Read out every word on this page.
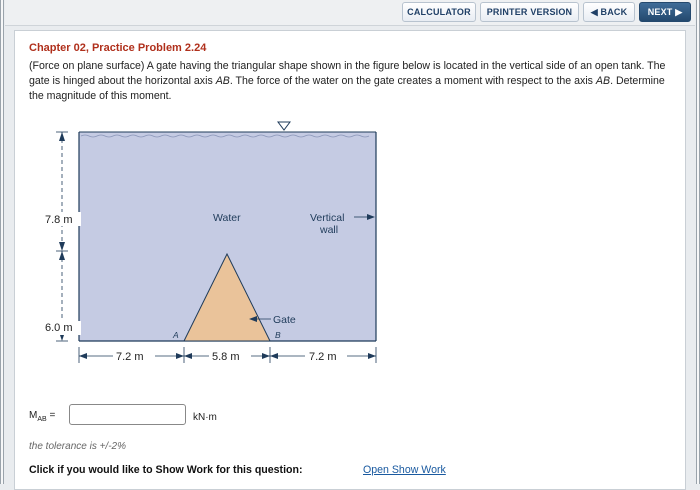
CALCULATOR	PRINTER VERSION	◀ BACK	NEXT ▶
Chapter 02, Practice Problem 2.24
(Force on plane surface) A gate having the triangular shape shown in the figure below is located in the vertical side of an open tank. The gate is hinged about the horizontal axis AB. The force of the water on the gate creates a moment with respect to the axis AB. Determine the magnitude of this moment.
7.8 m
6.0 m
Water	Vertical
wall
Gate
A	B
7.2 m	5.8 m	7.2 m
$M_{AB}$ =	kN·m
the tolerance is +/-2%
Click if you would like to Show Work for this question:	Open Show Work
